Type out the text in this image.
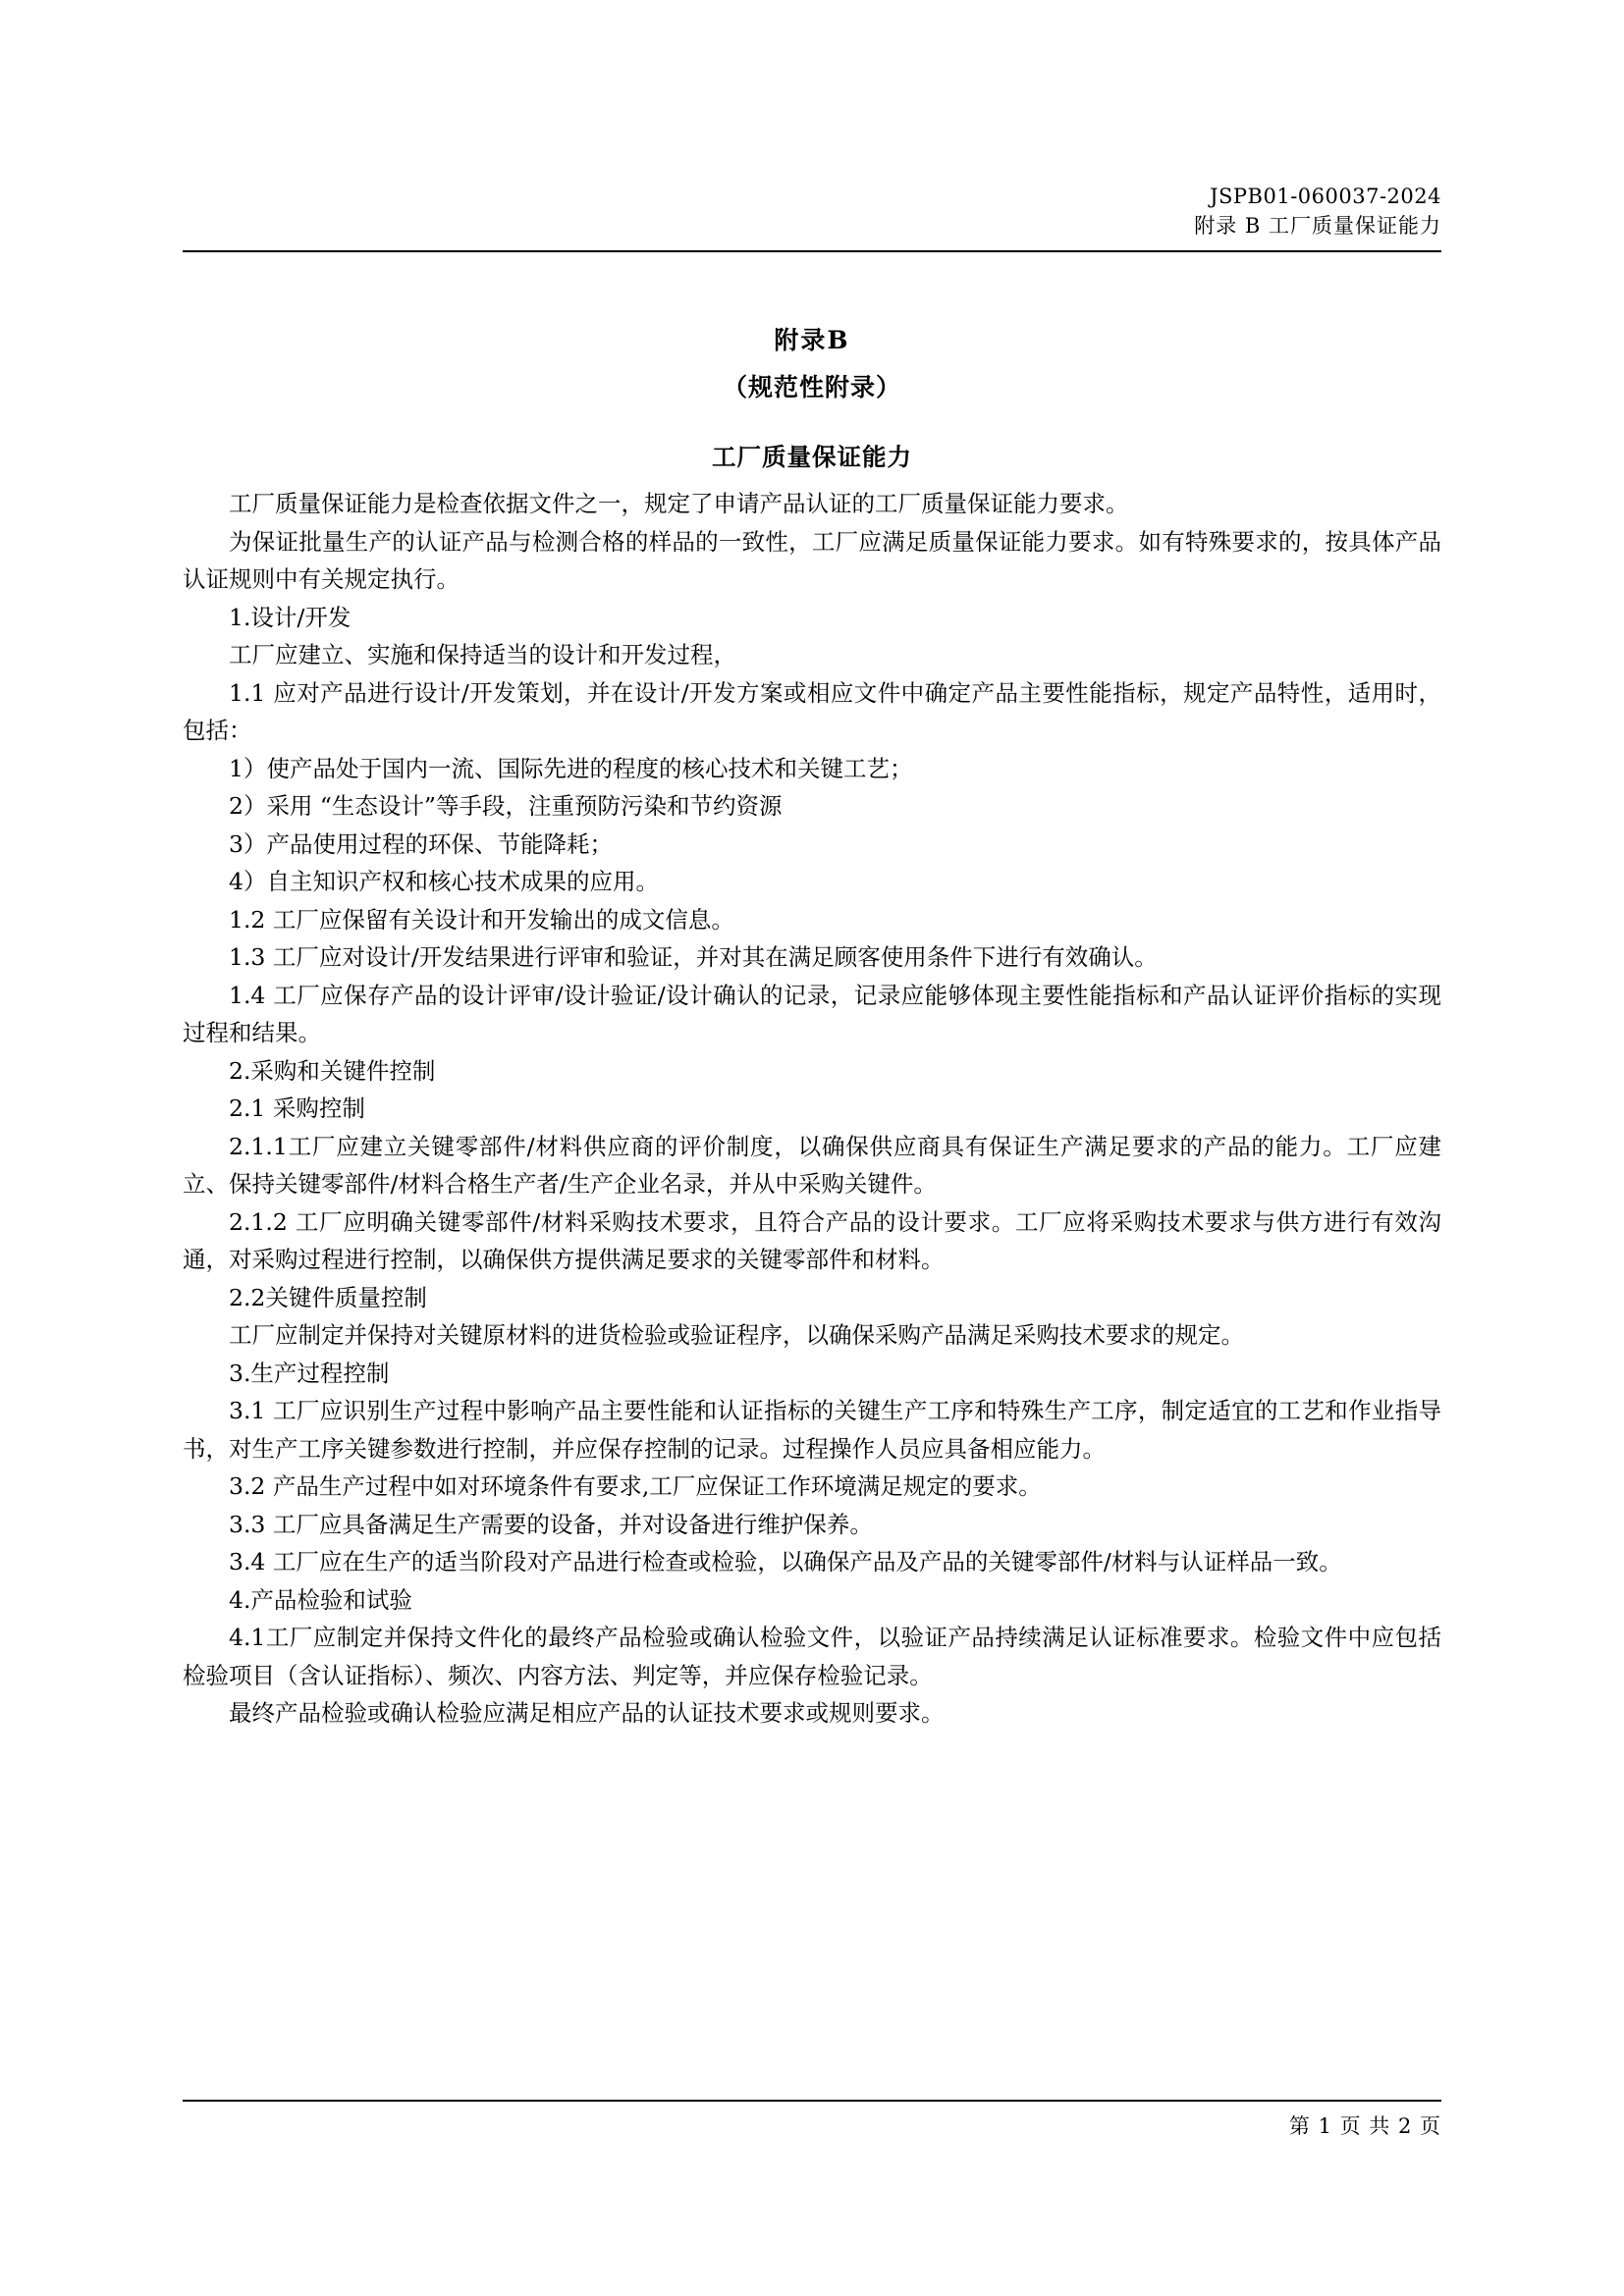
JSPB01-060037-2024
附录 B 工厂质量保证能力
附录B
（规范性附录）
工厂质量保证能力

工厂质量保证能力是检查依据文件之一，规定了申请产品认证的工厂质量保证能力要求。

为保证批量生产的认证产品与检测合格的样品的一致性，工厂应满足质量保证能力要求。如有特殊要求的，按具体产品认证规则中有关规定执行。

1.设计/开发

工厂应建立、实施和保持适当的设计和开发过程，

1.1 应对产品进行设计/开发策划，并在设计/开发方案或相应文件中确定产品主要性能指标，规定产品特性，适用时，包括：

1）使产品处于国内一流、国际先进的程度的核心技术和关键工艺；

2）采用 “生态设计”等手段，注重预防污染和节约资源

3）产品使用过程的环保、节能降耗；

4）自主知识产权和核心技术成果的应用。

1.2 工厂应保留有关设计和开发输出的成文信息。

1.3 工厂应对设计/开发结果进行评审和验证，并对其在满足顾客使用条件下进行有效确认。

1.4 工厂应保存产品的设计评审/设计验证/设计确认的记录，记录应能够体现主要性能指标和产品认证评价指标的实现过程和结果。

2.采购和关键件控制

2.1 采购控制

2.1.1工厂应建立关键零部件/材料供应商的评价制度，以确保供应商具有保证生产满足要求的产品的能力。工厂应建立、保持关键零部件/材料合格生产者/生产企业名录，并从中采购关键件。

2.1.2 工厂应明确关键零部件/材料采购技术要求，且符合产品的设计要求。工厂应将采购技术要求与供方进行有效沟通，对采购过程进行控制，以确保供方提供满足要求的关键零部件和材料。

2.2关键件质量控制

工厂应制定并保持对关键原材料的进货检验或验证程序，以确保采购产品满足采购技术要求的规定。

3.生产过程控制

3.1 工厂应识别生产过程中影响产品主要性能和认证指标的关键生产工序和特殊生产工序，制定适宜的工艺和作业指导书，对生产工序关键参数进行控制，并应保存控制的记录。过程操作人员应具备相应能力。

3.2 产品生产过程中如对环境条件有要求,工厂应保证工作环境满足规定的要求。

3.3 工厂应具备满足生产需要的设备，并对设备进行维护保养。

3.4 工厂应在生产的适当阶段对产品进行检查或检验，以确保产品及产品的关键零部件/材料与认证样品一致。

4.产品检验和试验

4.1工厂应制定并保持文件化的最终产品检验或确认检验文件，以验证产品持续满足认证标准要求。检验文件中应包括检验项目（含认证指标）、频次、内容方法、判定等，并应保存检验记录。

最终产品检验或确认检验应满足相应产品的认证技术要求或规则要求。

第 1 页 共 2 页
